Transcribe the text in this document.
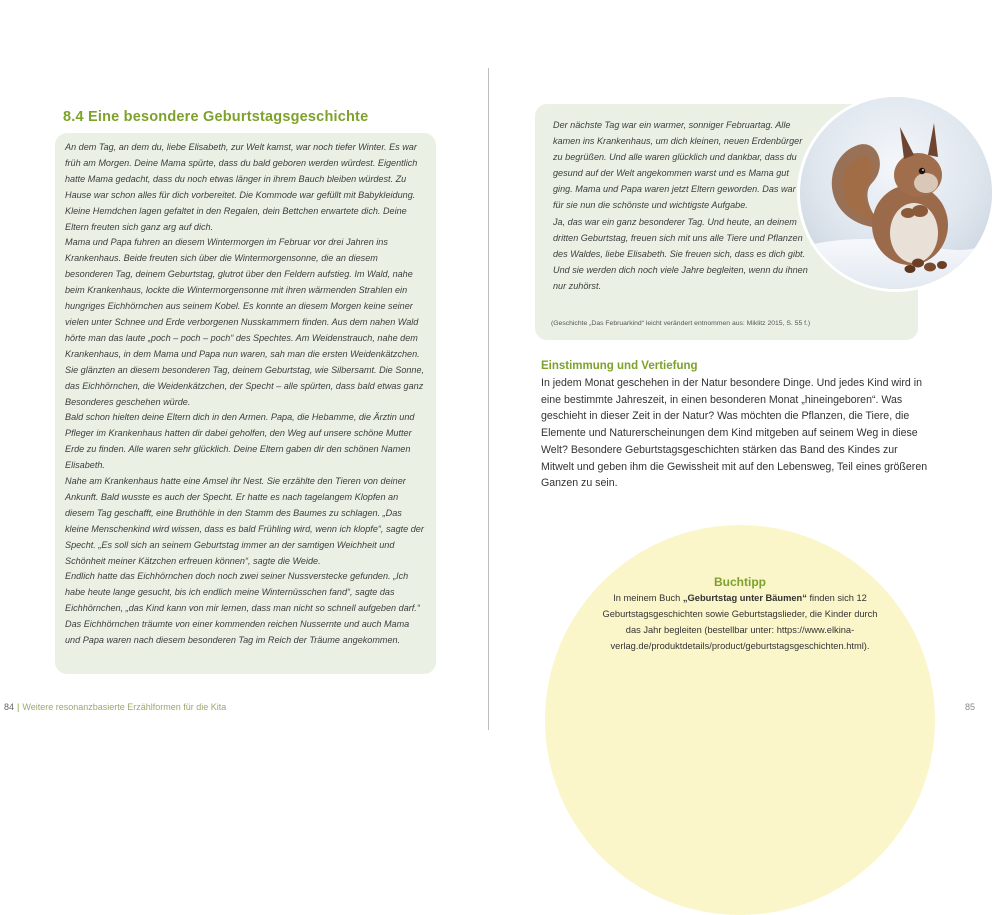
8.4 Eine besondere Geburtstagsgeschichte

An dem Tag, an dem du, liebe Elisabeth, zur Welt kamst, war noch tiefer Winter. Es war früh am Morgen. Deine Mama spürte, dass du bald geboren werden würdest. Eigentlich hatte Mama gedacht, dass du noch etwas länger in ihrem Bauch bleiben würdest. Zu Hause war schon alles für dich vorbereitet. Die Kommode war gefüllt mit Babykleidung. Kleine Hemdchen lagen gefaltet in den Regalen, dein Bettchen erwartete dich. Deine Eltern freuten sich ganz arg auf dich.

Mama und Papa fuhren an diesem Wintermorgen im Februar vor drei Jahren ins Krankenhaus. Beide freuten sich über die Wintermorgensonne, die an diesem besonderen Tag, deinem Geburtstag, glutrot über den Feldern aufstieg. Im Wald, nahe beim Krankenhaus, lockte die Wintermorgensonne mit ihren wärmenden Strahlen ein hungriges Eichhörnchen aus seinem Kobel. Es konnte an diesem Morgen keine seiner vielen unter Schnee und Erde verborgenen Nusskammern finden. Aus dem nahen Wald hörte man das laute „poch – poch – poch“ des Spechtes. Am Weidenstrauch, nahe dem Krankenhaus, in dem Mama und Papa nun waren, sah man die ersten Weidenkätzchen. Sie glänzten an diesem besonderen Tag, deinem Geburtstag, wie Silbersamt. Die Sonne, das Eichhörnchen, die Weidenkätzchen, der Specht – alle spürten, dass bald etwas ganz Besonderes geschehen würde.

Bald schon hielten deine Eltern dich in den Armen. Papa, die Hebamme, die Ärztin und Pfleger im Krankenhaus hatten dir dabei geholfen, den Weg auf unsere schöne Mutter Erde zu finden. Alle waren sehr glücklich. Deine Eltern gaben dir den schönen Namen Elisabeth.

Nahe am Krankenhaus hatte eine Amsel ihr Nest. Sie erzählte den Tieren von deiner Ankunft. Bald wusste es auch der Specht. Er hatte es nach tagelangem Klopfen an diesem Tag geschafft, eine Bruthöhle in den Stamm des Baumes zu schlagen. „Das kleine Menschenkind wird wissen, dass es bald Frühling wird, wenn ich klopfe“, sagte der Specht. „Es soll sich an seinem Geburtstag immer an der samtigen Weichheit und Schönheit meiner Kätzchen erfreuen können“, sagte die Weide.

Endlich hatte das Eichhörnchen doch noch zwei seiner Nussverstecke gefunden. „Ich habe heute lange gesucht, bis ich endlich meine Winternüsschen fand“, sagte das Eichhörnchen, „das Kind kann von mir lernen, dass man nicht so schnell aufgeben darf.“ Das Eichhörnchen träumte von einer kommenden reichen Nussernte und auch Mama und Papa waren nach diesem besonderen Tag im Reich der Träume angekommen.

84 | Weitere resonanzbasierte Erzählformen für die Kita

Der nächste Tag war ein warmer, sonniger Februartag. Alle kamen ins Krankenhaus, um dich kleinen, neuen Erdenbürger zu begrüßen. Und alle waren glücklich und dankbar, dass du gesund auf der Welt angekommen warst und es Mama gut ging. Mama und Papa waren jetzt Eltern geworden. Das war für sie nun die schönste und wichtigste Aufgabe.

Ja, das war ein ganz besonderer Tag. Und heute, an deinem dritten Geburtstag, freuen sich mit uns alle Tiere und Pflanzen des Waldes, liebe Elisabeth. Sie freuen sich, dass es dich gibt. Und sie werden dich noch viele Jahre begleiten, wenn du ihnen nur zuhörst.

(Geschichte „Das Februarkind“ leicht verändert entnommen aus: Miklitz 2015, S. 55 f.)
Einstimmung und Vertiefung

In jedem Monat geschehen in der Natur besondere Dinge. Und jedes Kind wird in eine bestimmte Jahreszeit, in einen besonderen Monat „hineingeboren“. Was geschieht in dieser Zeit in der Natur? Was möchten die Pflanzen, die Tiere, die Elemente und Naturerscheinungen dem Kind mitgeben auf seinem Weg in diese Welt? Besondere Geburtstagsgeschichten stärken das Band des Kindes zur Mitwelt und geben ihm die Gewissheit mit auf den Lebensweg, Teil eines größeren Ganzen zu sein.

Buchtipp

In meinem Buch „Geburtstag unter Bäumen“ finden sich 12 Geburtstagsgeschichten sowie Geburtstagslieder, die Kinder durch das Jahr begleiten (bestellbar unter: https://www.elkina-verlag.de/produktdetails/product/geburtstagsgeschichten.html).

85
